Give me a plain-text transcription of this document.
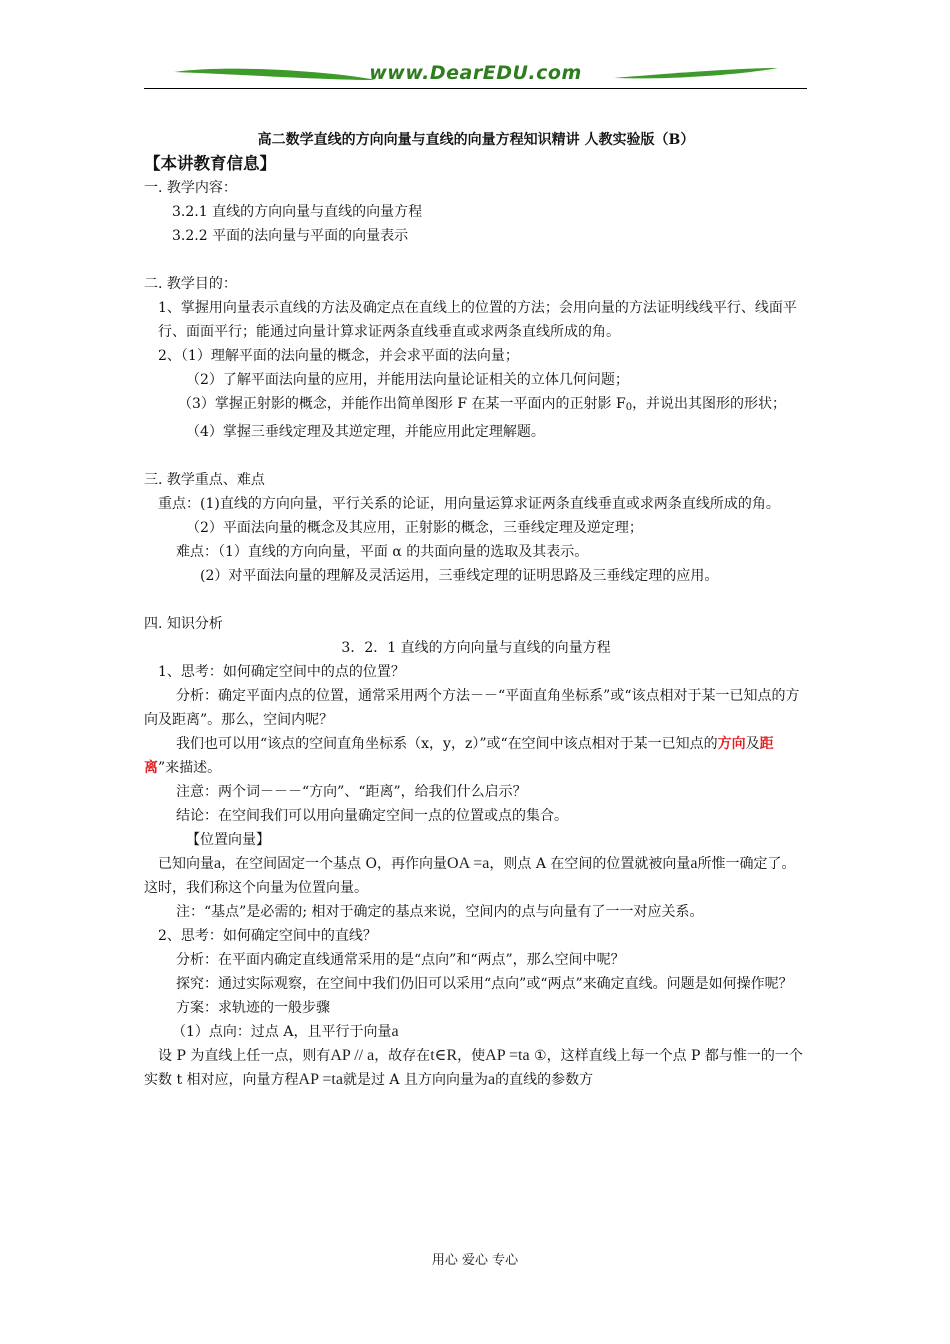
www.DearEDU.com
高二数学直线的方向向量与直线的向量方程知识精讲 人教实验版（B）
【本讲教育信息】
一. 教学内容：
3.2.1 直线的方向向量与直线的向量方程
3.2.2 平面的法向量与平面的向量表示
二. 教学目的：
1、掌握用向量表示直线的方法及确定点在直线上的位置的方法；会用向量的方法证明线线平行、线面平行、面面平行；能通过向量计算求证两条直线垂直或求两条直线所成的角。
2、（1）理解平面的法向量的概念，并会求平面的法向量；
（2）了解平面法向量的应用，并能用法向量论证相关的立体几何问题；
（3）掌握正射影的概念，并能作出简单图形 F 在某一平面内的正射影 $F_0$，并说出其图形的形状；
（4）掌握三垂线定理及其逆定理，并能应用此定理解题。
三. 教学重点、难点
重点：(1)直线的方向向量，平行关系的论证，用向量运算求证两条直线垂直或求两条直线所成的角。
（2）平面法向量的概念及其应用，正射影的概念，三垂线定理及逆定理；
难点：（1）直线的方向向量，平面 α 的共面向量的选取及其表示。
(2）对平面法向量的理解及灵活运用，三垂线定理的证明思路及三垂线定理的应用。
四. 知识分析
3．2．1 直线的方向向量与直线的向量方程
1、思考：如何确定空间中的点的位置？
分析：确定平面内点的位置，通常采用两个方法－－“平面直角坐标系”或“该点相对于某一已知点的方向及距离”。那么，空间内呢？
我们也可以用“该点的空间直角坐标系（x，y，z）”或“在空间中该点相对于某一已知点的方向及距离”来描述。
注意：两个词－－－“方向”、“距离”，给我们什么启示？
结论：在空间我们可以用向量确定空间一点的位置或点的集合。
【位置向量】
已知向量a，在空间固定一个基点 O，再作向量OA =a，则点 A 在空间的位置就被向量a所惟一确定了。这时，我们称这个向量为位置向量。
注：“基点”是必需的; 相对于确定的基点来说，空间内的点与向量有了一一对应关系。
2、思考：如何确定空间中的直线？
分析：在平面内确定直线通常采用的是“点向”和“两点”，那么空间中呢？
探究：通过实际观察，在空间中我们仍旧可以采用“点向”或“两点”来确定直线。问题是如何操作呢？
方案：求轨迹的一般步骤
（1）点向：过点 A，且平行于向量a
设 P 为直线上任一点，则有AP // a，故存在t∈R，使AP =ta ①，这样直线上每一个点 P 都与惟一的一个实数 t 相对应，向量方程AP =ta就是过 A 且方向向量为a的直线的参数方
用心 爱心 专心
